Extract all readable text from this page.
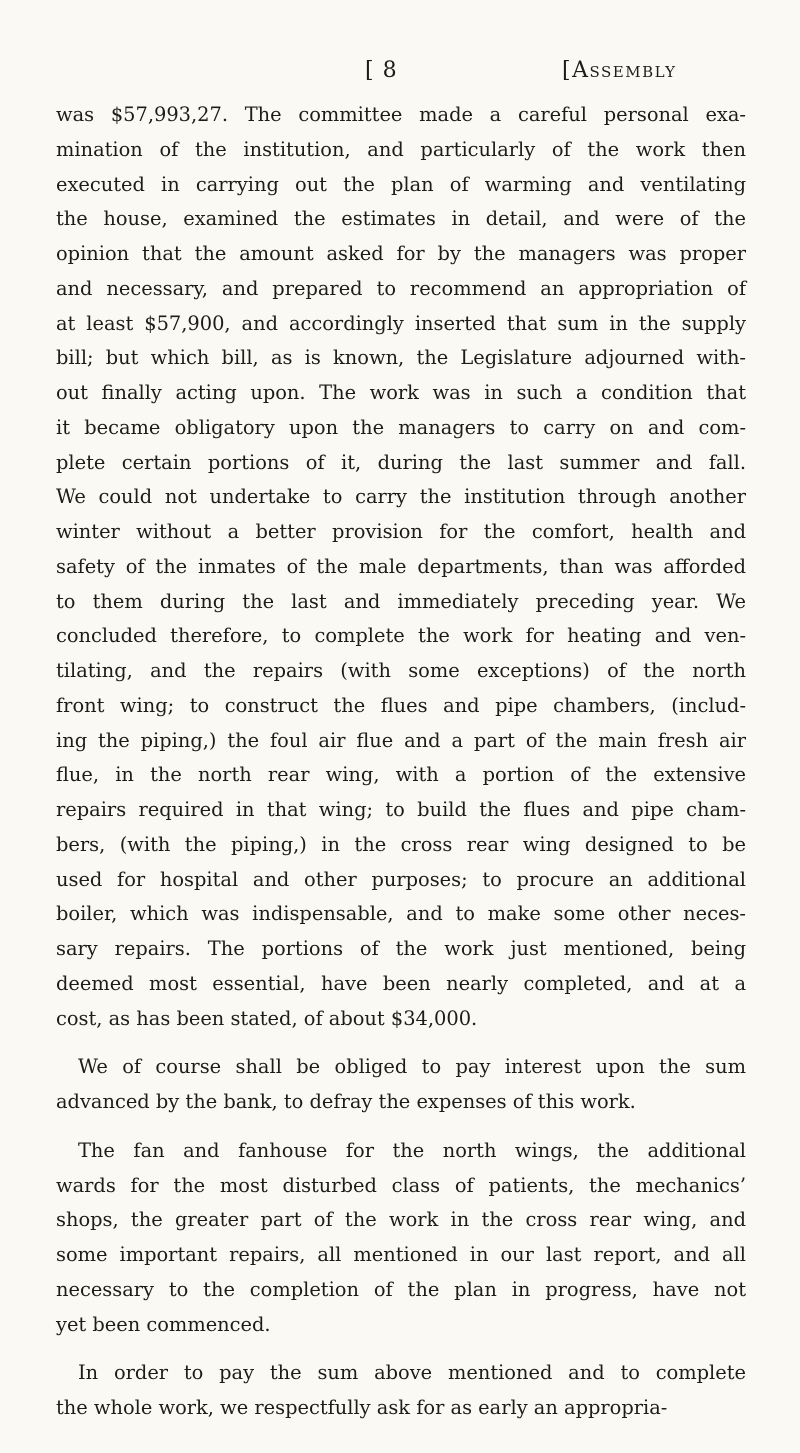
[ 8	[Assembly
was $57,993,27. The committee made a careful personal exa-
mination of the institution, and particularly of the work then
executed in carrying out the plan of warming and ventilating
the house, examined the estimates in detail, and were of the
opinion that the amount asked for by the managers was proper
and necessary, and prepared to recommend an appropriation of
at least $57,900, and accordingly inserted that sum in the supply
bill; but which bill, as is known, the Legislature adjourned with-
out finally acting upon. The work was in such a condition that
it became obligatory upon the managers to carry on and com-
plete certain portions of it, during the last summer and fall.
We could not undertake to carry the institution through another
winter without a better provision for the comfort, health and
safety of the inmates of the male departments, than was afforded
to them during the last and immediately preceding year. We
concluded therefore, to complete the work for heating and ven-
tilating, and the repairs (with some exceptions) of the north
front wing; to construct the flues and pipe chambers, (includ-
ing the piping,) the foul air flue and a part of the main fresh air
flue, in the north rear wing, with a portion of the extensive
repairs required in that wing; to build the flues and pipe cham-
bers, (with the piping,) in the cross rear wing designed to be
used for hospital and other purposes; to procure an additional
boiler, which was indispensable, and to make some other neces-
sary repairs. The portions of the work just mentioned, being
deemed most essential, have been nearly completed, and at a
cost, as has been stated, of about $34,000.
We of course shall be obliged to pay interest upon the sum
advanced by the bank, to defray the expenses of this work.
The fan and fanhouse for the north wings, the additional
wards for the most disturbed class of patients, the mechanics’
shops, the greater part of the work in the cross rear wing, and
some important repairs, all mentioned in our last report, and all
necessary to the completion of the plan in progress, have not
yet been commenced.
In order to pay the sum above mentioned and to complete
the whole work, we respectfully ask for as early an appropria-
